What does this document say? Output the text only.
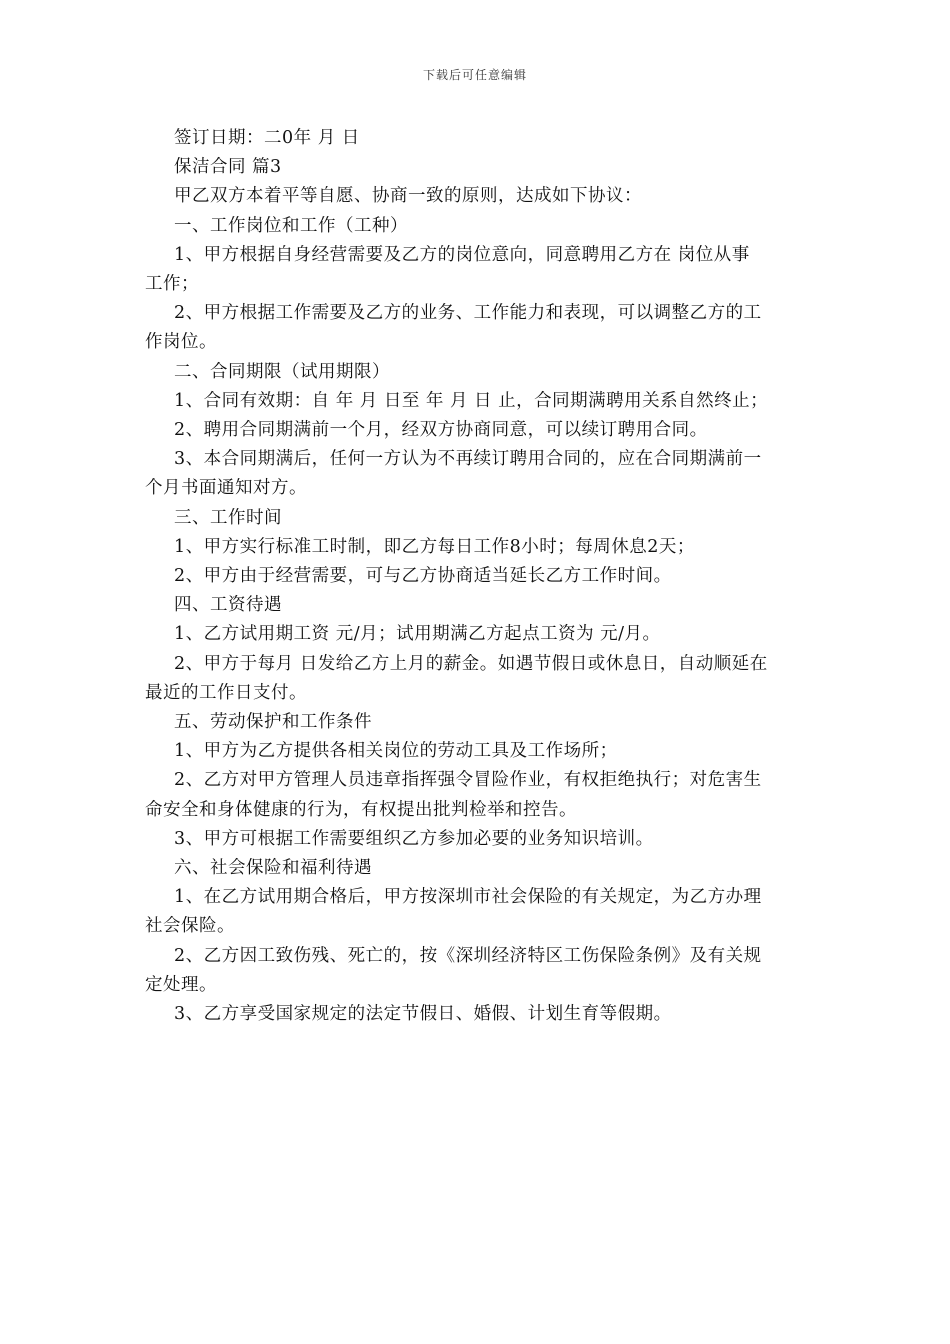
下载后可任意编辑
签订日期：二0年 月 日
保洁合同 篇3
甲乙双方本着平等自愿、协商一致的原则，达成如下协议：
一、工作岗位和工作（工种）
1、甲方根据自身经营需要及乙方的岗位意向，同意聘用乙方在 岗位从事
工作；
2、甲方根据工作需要及乙方的业务、工作能力和表现，可以调整乙方的工
作岗位。
二、合同期限（试用期限）
1、合同有效期：自 年 月 日至 年 月 日 止，合同期满聘用关系自然终止；
2、聘用合同期满前一个月，经双方协商同意，可以续订聘用合同。
3、本合同期满后，任何一方认为不再续订聘用合同的，应在合同期满前一
个月书面通知对方。
三、工作时间
1、甲方实行标准工时制，即乙方每日工作8小时；每周休息2天；
2、甲方由于经营需要，可与乙方协商适当延长乙方工作时间。
四、工资待遇
1、乙方试用期工资 元/月；试用期满乙方起点工资为 元/月。
2、甲方于每月 日发给乙方上月的薪金。如遇节假日或休息日，自动顺延在
最近的工作日支付。
五、劳动保护和工作条件
1、甲方为乙方提供各相关岗位的劳动工具及工作场所；
2、乙方对甲方管理人员违章指挥强令冒险作业，有权拒绝执行；对危害生
命安全和身体健康的行为，有权提出批判检举和控告。
3、甲方可根据工作需要组织乙方参加必要的业务知识培训。
六、社会保险和福利待遇
1、在乙方试用期合格后，甲方按深圳市社会保险的有关规定，为乙方办理
社会保险。
2、乙方因工致伤残、死亡的，按《深圳经济特区工伤保险条例》及有关规
定处理。
3、乙方享受国家规定的法定节假日、婚假、计划生育等假期。
